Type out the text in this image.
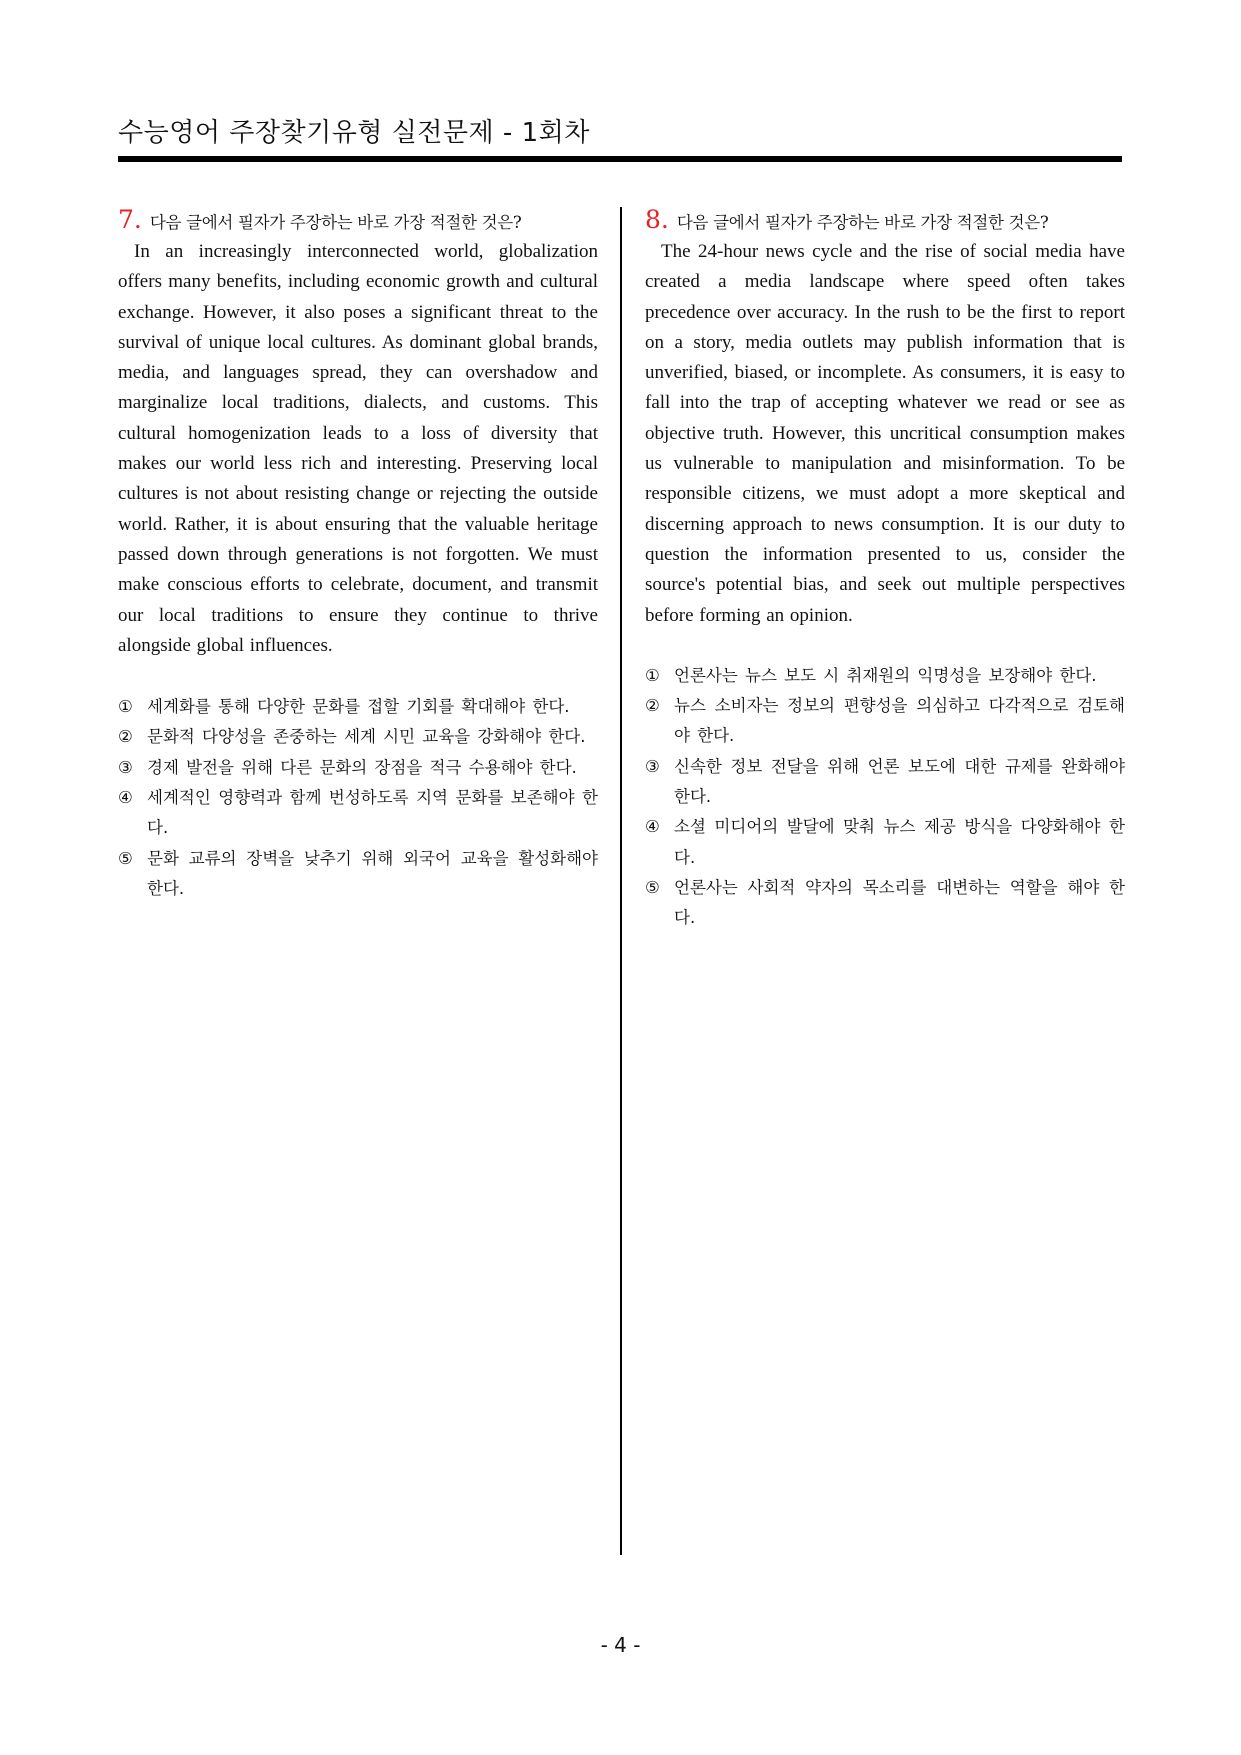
수능영어 주장찾기유형 실전문제 - 1회차
7. 다음 글에서 필자가 주장하는 바로 가장 적절한 것은?

In an increasingly interconnected world, globalization offers many benefits, including economic growth and cultural exchange. However, it also poses a significant threat to the survival of unique local cultures. As dominant global brands, media, and languages spread, they can overshadow and marginalize local traditions, dialects, and customs. This cultural homogenization leads to a loss of diversity that makes our world less rich and interesting. Preserving local cultures is not about resisting change or rejecting the outside world. Rather, it is about ensuring that the valuable heritage passed down through generations is not forgotten. We must make conscious efforts to celebrate, document, and transmit our local traditions to ensure they continue to thrive alongside global influences.

① 세계화를 통해 다양한 문화를 접할 기회를 확대해야 한다.
② 문화적 다양성을 존중하는 세계 시민 교육을 강화해야 한다.
③ 경제 발전을 위해 다른 문화의 장점을 적극 수용해야 한다.
④ 세계적인 영향력과 함께 번성하도록 지역 문화를 보존해야 한다.
⑤ 문화 교류의 장벽을 낮추기 위해 외국어 교육을 활성화해야 한다.
8. 다음 글에서 필자가 주장하는 바로 가장 적절한 것은?

The 24-hour news cycle and the rise of social media have created a media landscape where speed often takes precedence over accuracy. In the rush to be the first to report on a story, media outlets may publish information that is unverified, biased, or incomplete. As consumers, it is easy to fall into the trap of accepting whatever we read or see as objective truth. However, this uncritical consumption makes us vulnerable to manipulation and misinformation. To be responsible citizens, we must adopt a more skeptical and discerning approach to news consumption. It is our duty to question the information presented to us, consider the source's potential bias, and seek out multiple perspectives before forming an opinion.

① 언론사는 뉴스 보도 시 취재원의 익명성을 보장해야 한다.
② 뉴스 소비자는 정보의 편향성을 의심하고 다각적으로 검토해야 한다.
③ 신속한 정보 전달을 위해 언론 보도에 대한 규제를 완화해야 한다.
④ 소셜 미디어의 발달에 맞춰 뉴스 제공 방식을 다양화해야 한다.
⑤ 언론사는 사회적 약자의 목소리를 대변하는 역할을 해야 한다.
- 4 -
